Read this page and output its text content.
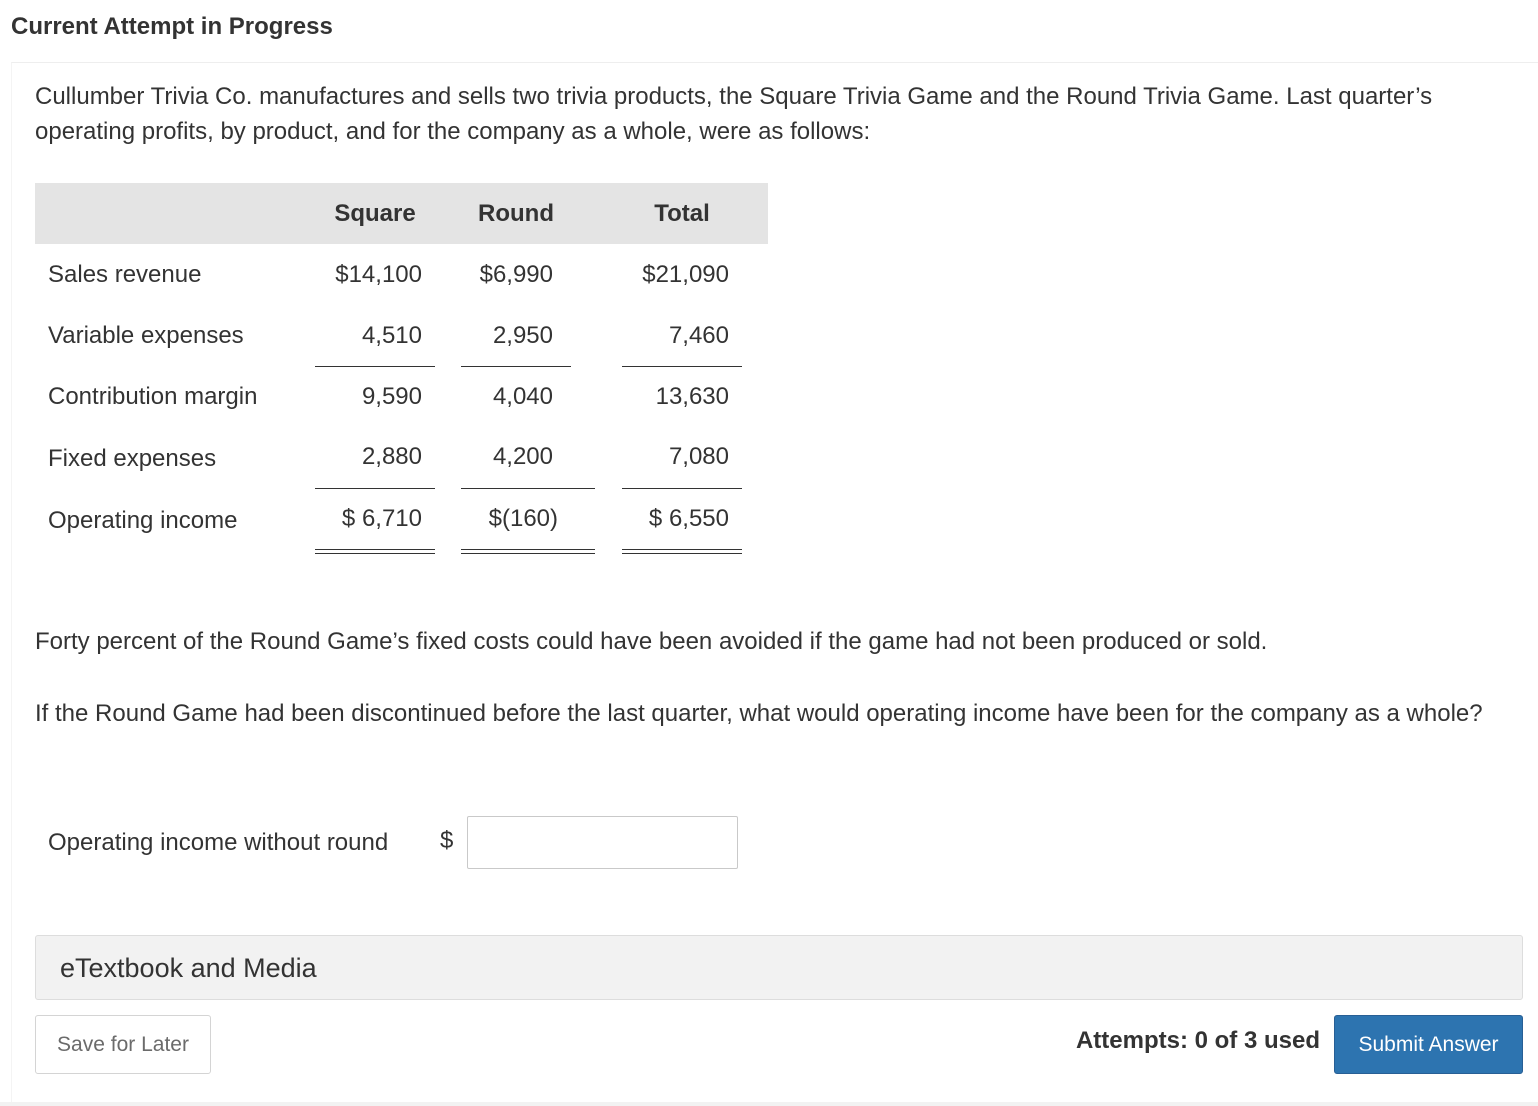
Current Attempt in Progress

Cullumber Trivia Co. manufactures and sells two trivia products, the Square Trivia Game and the Round Trivia Game. Last quarter’s operating profits, by product, and for the company as a whole, were as follows:

Square	Round	Total
Sales revenue	$14,100	$6,990	$21,090
Variable expenses	4,510	2,950	7,460
Contribution margin	9,590	4,040	13,630
Fixed expenses	2,880	4,200	7,080
Operating income	$ 6,710	$(160)	$ 6,550

Forty percent of the Round Game’s fixed costs could have been avoided if the game had not been produced or sold.

If the Round Game had been discontinued before the last quarter, what would operating income have been for the company as a whole?

Operating income without round $
eTextbook and Media
Save for Later	Attempts: 0 of 3 used	Submit Answer
